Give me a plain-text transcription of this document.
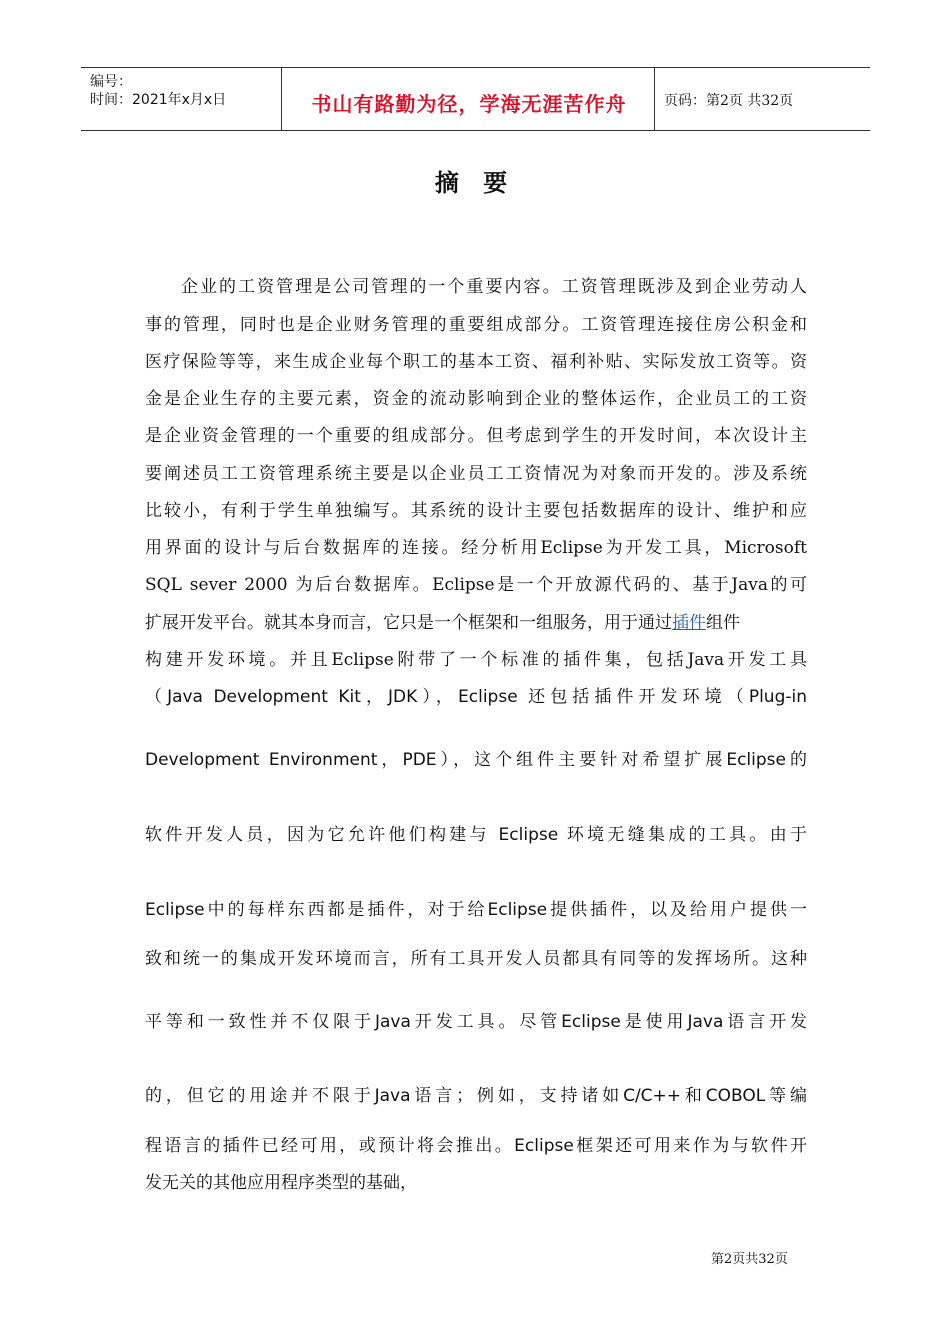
编号：
时间：2021年x月x日	书山有路勤为径，学海无涯苦作舟	页码：第2页 共32页
摘 要
企业的工资管理是公司管理的一个重要内容。工资管理既涉及到企业劳动人
事的管理，同时也是企业财务管理的重要组成部分。工资管理连接住房公积金和
医疗保险等等，来生成企业每个职工的基本工资、福利补贴、实际发放工资等。资
金是企业生存的主要元素，资金的流动影响到企业的整体运作，企业员工的工资
是企业资金管理的一个重要的组成部分。但考虑到学生的开发时间，本次设计主
要阐述员工工资管理系统主要是以企业员工工资情况为对象而开发的。涉及系统
比较小，有利于学生单独编写。其系统的设计主要包括数据库的设计、维护和应
用界面的设计与后台数据库的连接。经分析用Eclipse为开发工具，Microsoft
SQL sever 2000 为后台数据库。Eclipse是一个开放源代码的、基于Java的可
扩展开发平台。就其本身而言，它只是一个框架和一组服务，用于通过插件组件
构建开发环境。并且Eclipse附带了一个标准的插件集，包括Java开发工具
（Java Development Kit，JDK），Eclipse 还包括插件开发环境（Plug-in
Development Environment，PDE），这个组件主要针对希望扩展Eclipse的
软件开发人员，因为它允许他们构建与 Eclipse 环境无缝集成的工具。由于
Eclipse中的每样东西都是插件，对于给Eclipse提供插件，以及给用户提供一
致和统一的集成开发环境而言，所有工具开发人员都具有同等的发挥场所。这种
平等和一致性并不仅限于Java开发工具。尽管Eclipse是使用Java语言开发
的，但它的用途并不限于Java语言；例如，支持诸如C/C++和COBOL等编
程语言的插件已经可用，或预计将会推出。Eclipse框架还可用来作为与软件开
发无关的其他应用程序类型的基础，
第2页共32页
